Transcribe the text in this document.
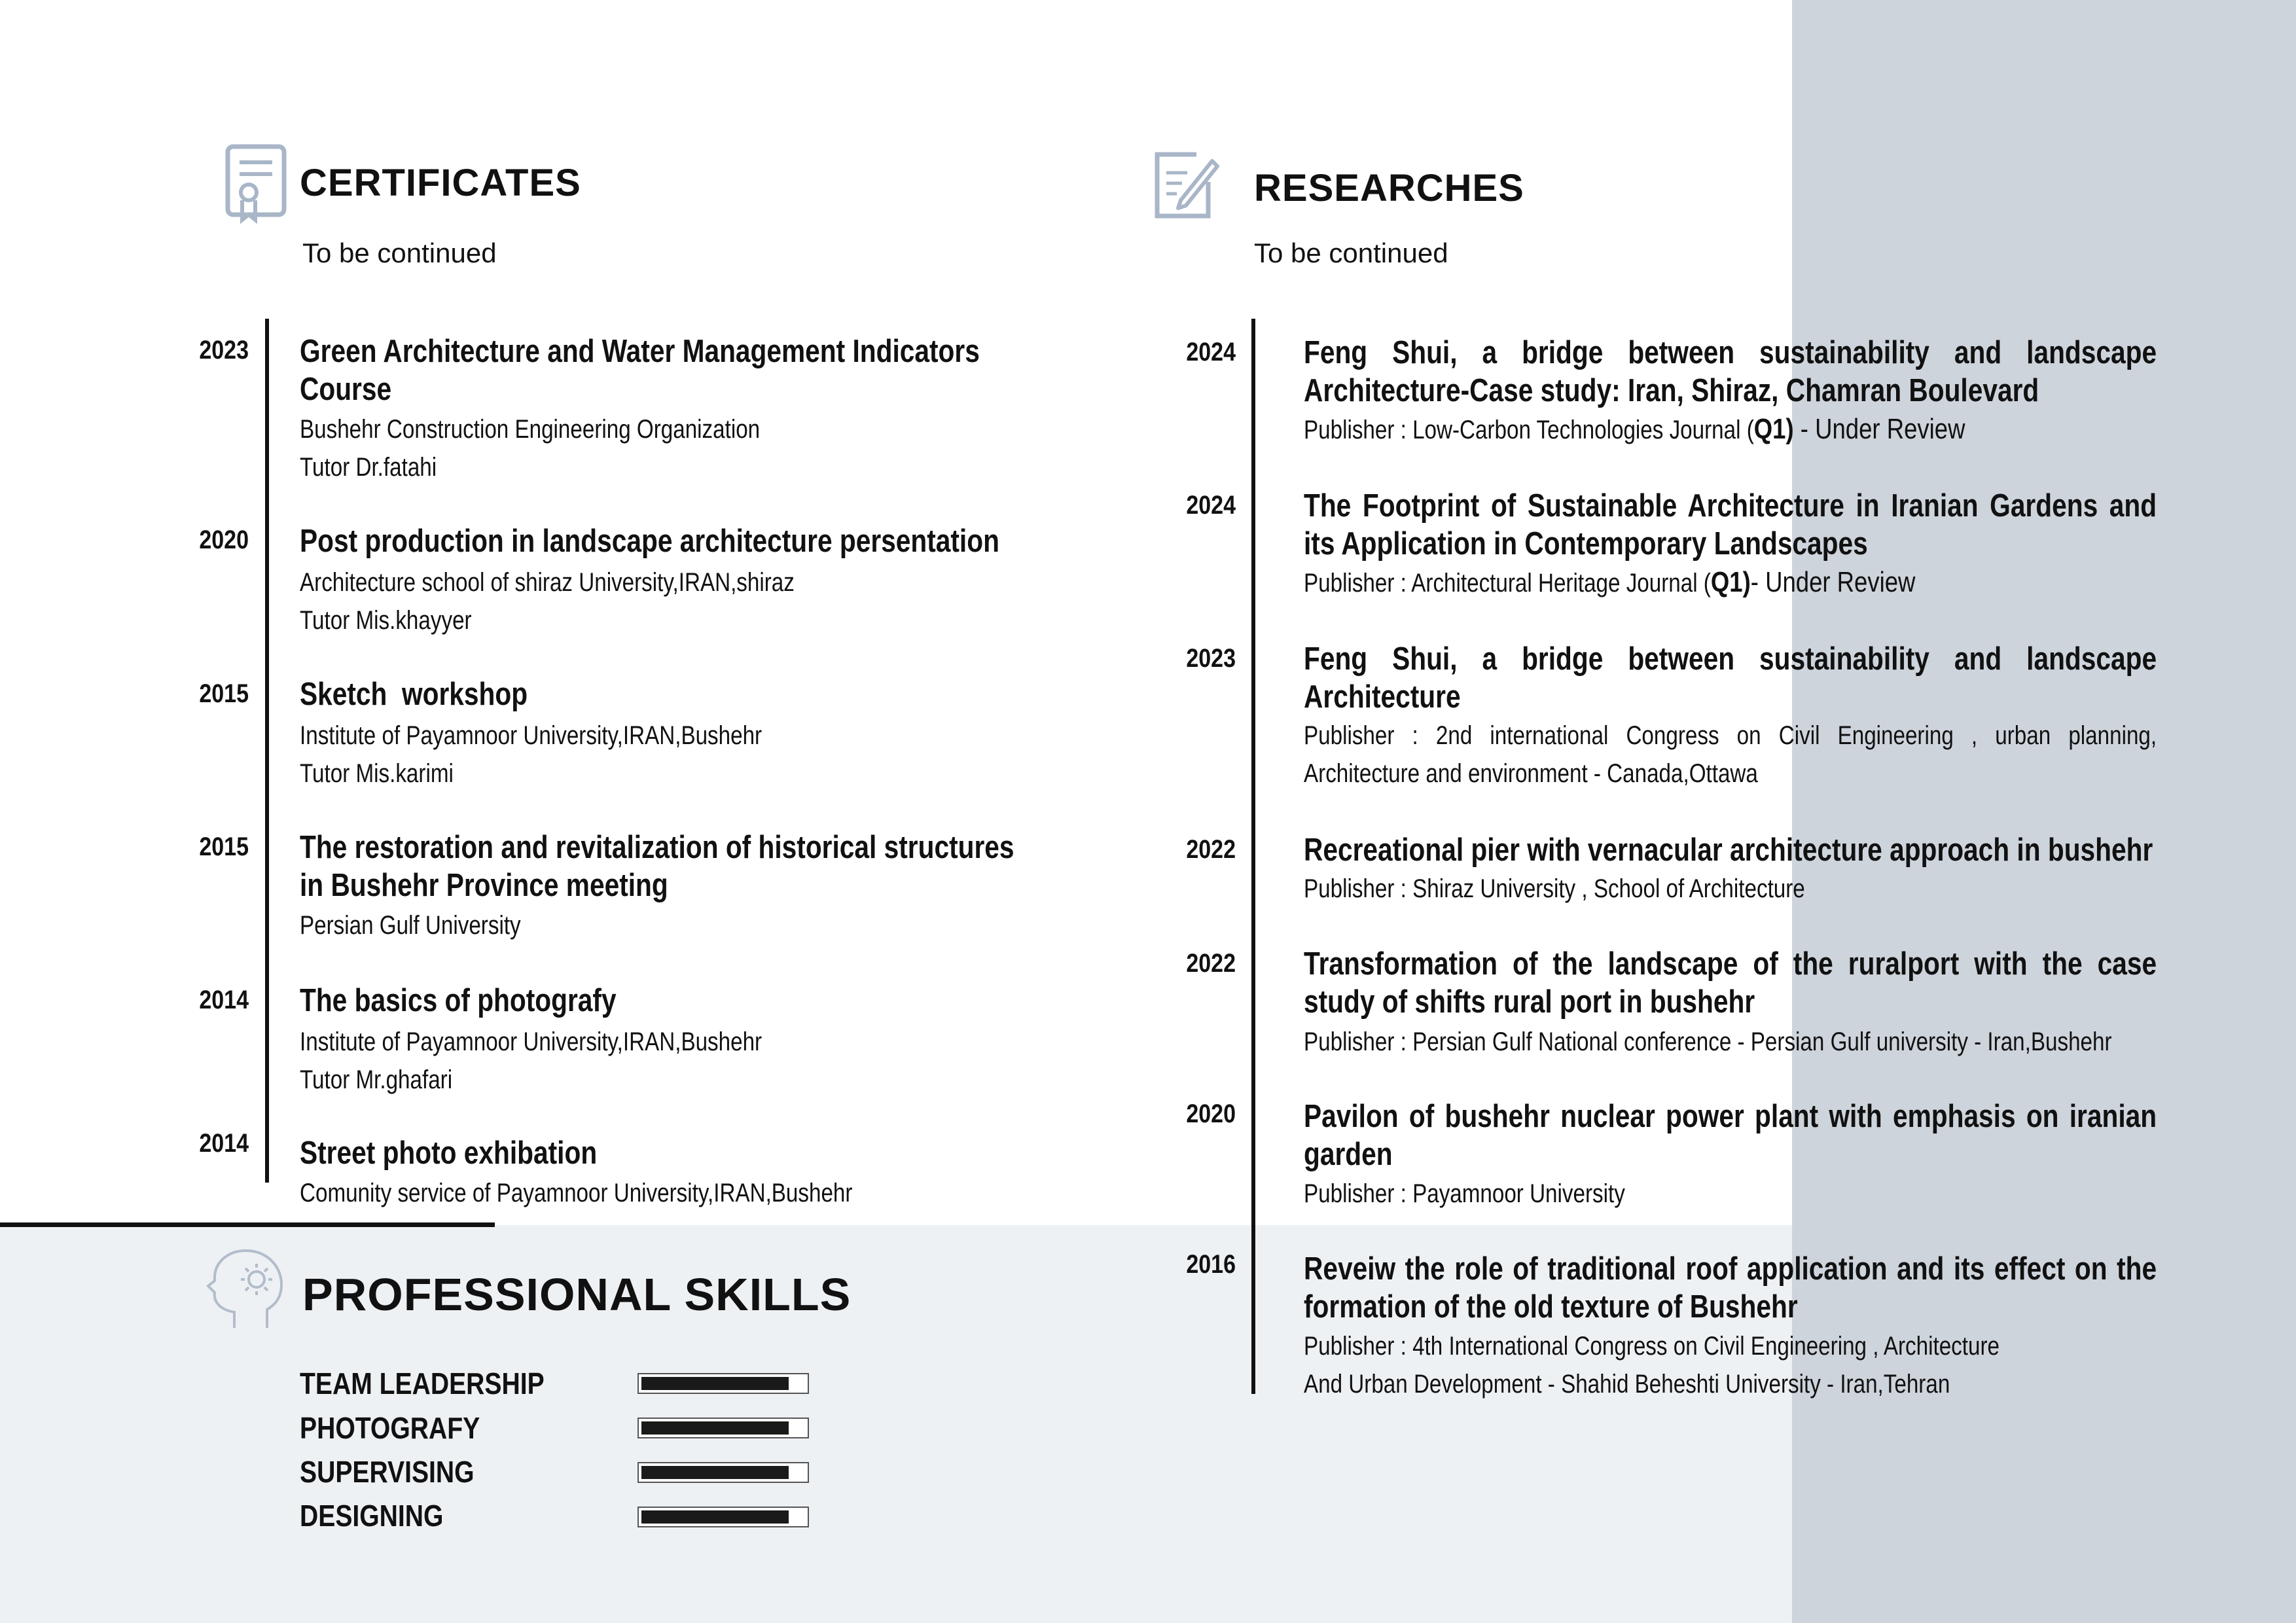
CERTIFICATES
To be continued
2023 Green Architecture and Water Management Indicators
Course
Bushehr Construction Engineering Organization
Tutor Dr.fatahi
2020 Post production in landscape architecture persentation
Architecture school of shiraz University,IRAN,shiraz
Tutor Mis.khayyer
2015 Sketch  workshop
Institute of Payamnoor University,IRAN,Bushehr
Tutor Mis.karimi
2015 The restoration and revitalization of historical structures
in Bushehr Province meeting
Persian Gulf University
2014 The basics of photografy
Institute of Payamnoor University,IRAN,Bushehr
Tutor Mr.ghafari
2014 Street photo exhibation
Comunity service of Payamnoor University,IRAN,Bushehr
RESEARCHES
To be continued
2024 Feng Shui, a bridge between sustainability and landscape Architecture-Case study: Iran, Shiraz, Chamran Boulevard
Publisher : Low-Carbon Technologies Journal (Q1) - Under Review
2024 The Footprint of Sustainable Architecture in Iranian Gardens and its Application in Contemporary Landscapes
Publisher : Architectural Heritage Journal (Q1)- Under Review
2023 Feng Shui, a bridge between sustainability and landscape Architecture
Publisher : 2nd international Congress on Civil Engineering , urban planning, Architecture and environment - Canada,Ottawa
2022 Recreational pier with vernacular architecture approach in bushehr
Publisher : Shiraz University , School of Architecture
2022 Transformation of the landscape of the ruralport with the case study of shifts rural port in bushehr
Publisher : Persian Gulf National conference - Persian Gulf university - Iran,Bushehr
2020 Pavilon of bushehr nuclear power plant with emphasis on iranian garden
Publisher : Payamnoor University
2016 Reveiw the role of traditional roof application and its effect on the formation of the old texture of Bushehr
Publisher : 4th International Congress on Civil Engineering , Architecture
And Urban Development - Shahid Beheshti University - Iran,Tehran
PROFESSIONAL SKILLS
TEAM LEADERSHIP
PHOTOGRAFY
SUPERVISING
DESIGNING
